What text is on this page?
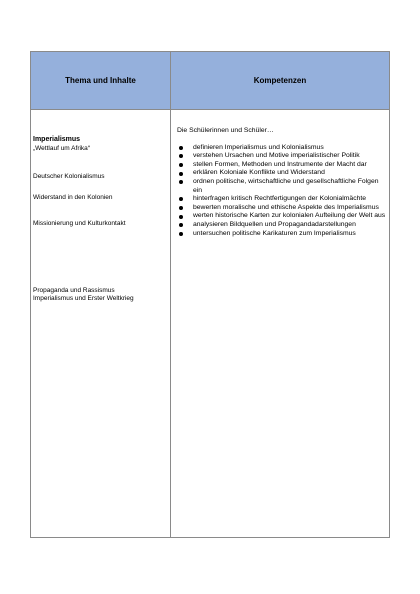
Thema und Inhalte	Kompetenzen
Imperialismus
„Wettlauf um Afrika“
Deutscher Kolonialismus
Widerstand in den Kolonien
Missionierung und Kulturkontakt
Propaganda und Rassismus
Imperialismus und Erster Weltkrieg

Die Schülerinnen und Schüler…

definieren Imperialismus und Kolonialismus
verstehen Ursachen und Motive imperialistischer Politik
stellen Formen, Methoden und Instrumente der Macht dar
erklären Koloniale Konflikte und Widerstand
ordnen politische, wirtschaftliche und gesellschaftliche Folgen ein
hinterfragen kritisch Rechtfertigungen der Kolonialmächte
bewerten moralische und ethische Aspekte des Imperialismus
werten historische Karten zur kolonialen Aufteilung der Welt aus
analysieren Bildquellen und Propagandadarstellungen
untersuchen politische Karikaturen zum Imperialismus
